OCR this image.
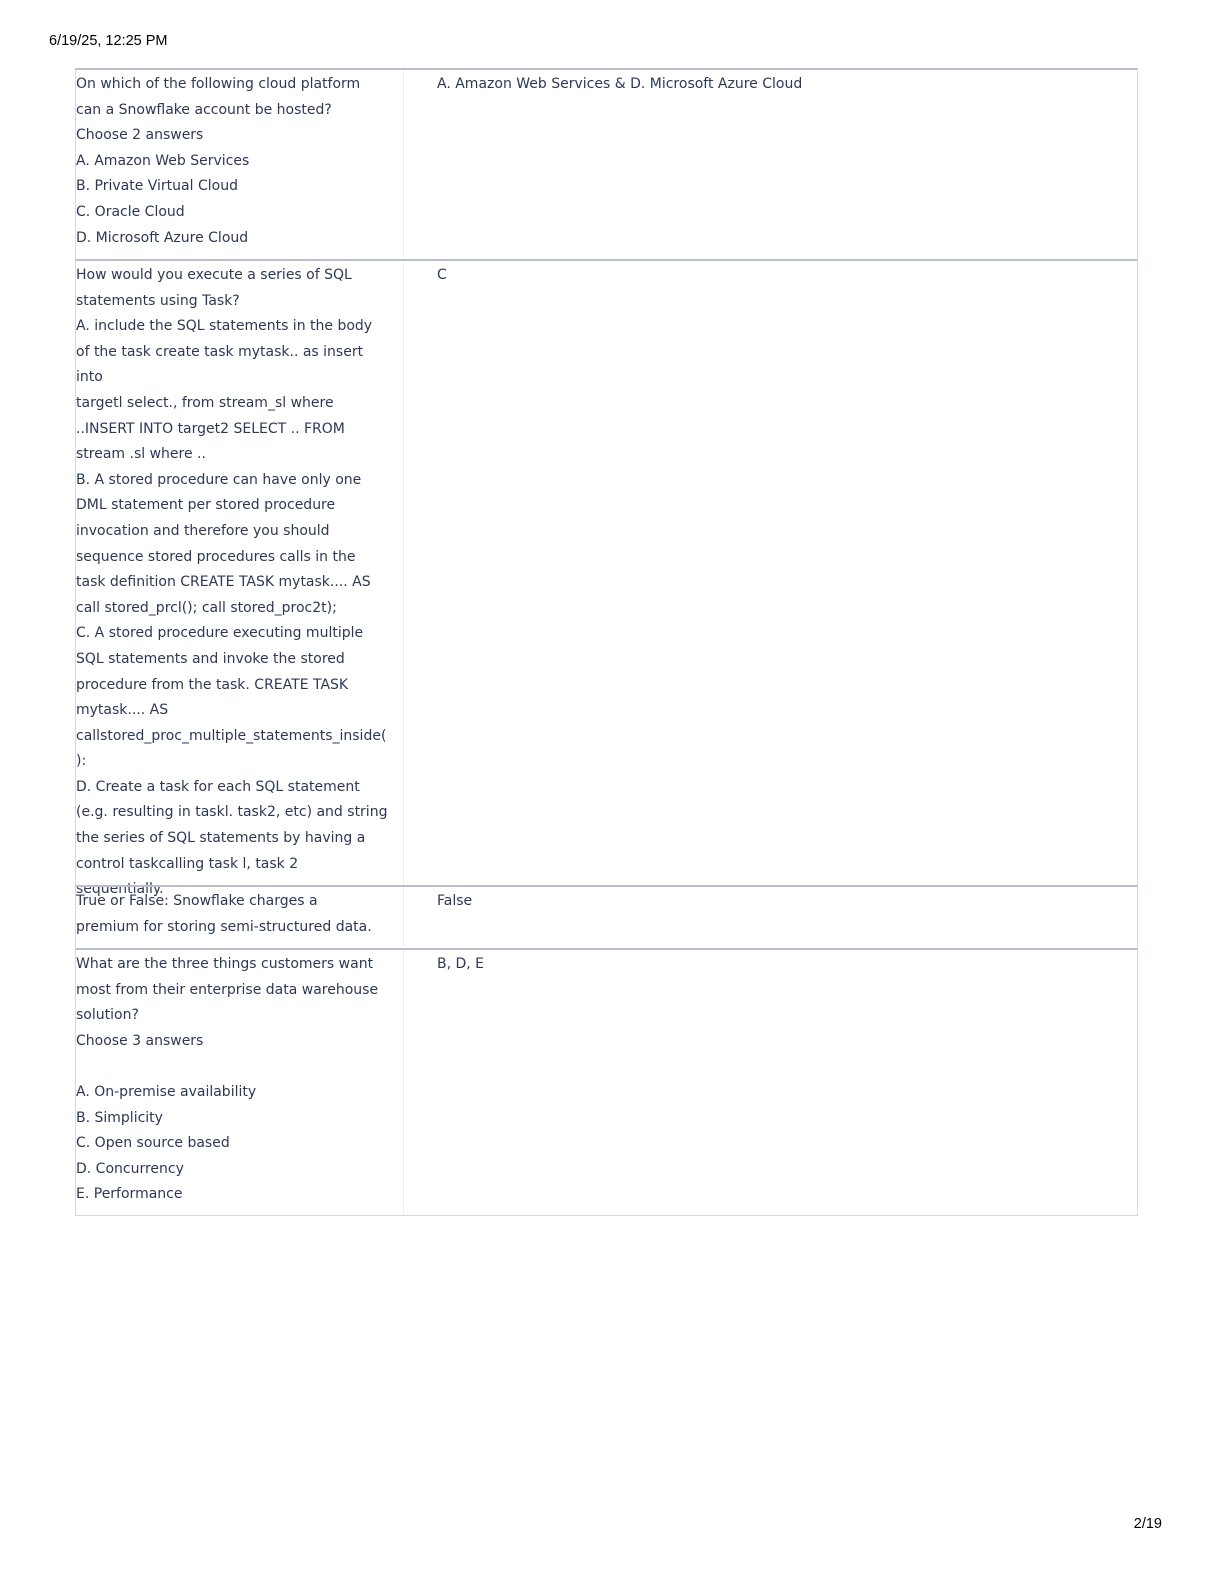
6/19/25, 12:25 PM
On which of the following cloud platform
can a Snowflake account be hosted?
Choose 2 answers
A. Amazon Web Services
B. Private Virtual Cloud
C. Oracle Cloud
D. Microsoft Azure Cloud
A. Amazon Web Services & D. Microsoft Azure Cloud
How would you execute a series of SQL
statements using Task?
A. include the SQL statements in the body
of the task create task mytask.. as insert into
targetl select., from stream_sl where
..INSERT INTO target2 SELECT .. FROM
stream .sl where ..
B. A stored procedure can have only one
DML statement per stored procedure
invocation and therefore you should
sequence stored procedures calls in the
task definition CREATE TASK mytask.... AS
call stored_prcl(); call stored_proc2t);
C. A stored procedure executing multiple
SQL statements and invoke the stored
procedure from the task. CREATE TASK
mytask.... AS
callstored_proc_multiple_statements_inside(
):
D. Create a task for each SQL statement
(e.g. resulting in taskl. task2, etc) and string
the series of SQL statements by having a
control taskcalling task l, task 2
sequentially.
C
True or False: Snowflake charges a
premium for storing semi-structured data.
False
What are the three things customers want
most from their enterprise data warehouse
solution?
Choose 3 answers
A. On-premise availability
B. Simplicity
C. Open source based
D. Concurrency
E. Performance
B, D, E
2/19
